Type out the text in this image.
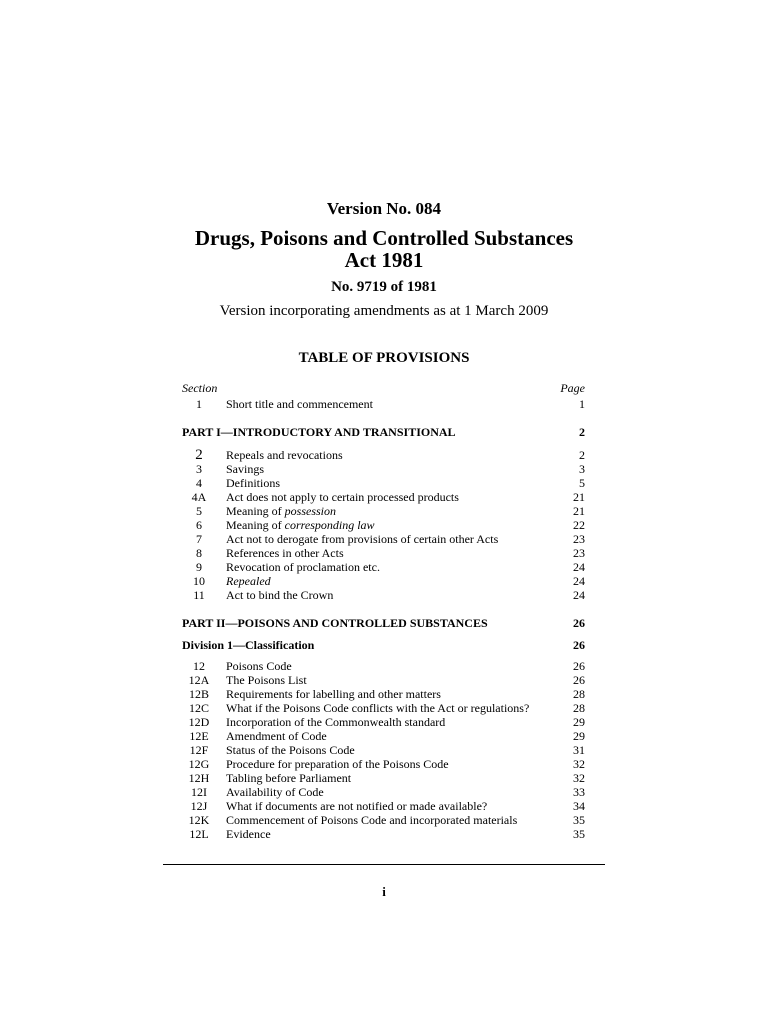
Version No. 084
Drugs, Poisons and Controlled Substances
Act 1981
No. 9719 of 1981
Version incorporating amendments as at 1 March 2009
TABLE OF PROVISIONS
Section	Page
1	Short title and commencement	1
PART I—INTRODUCTORY AND TRANSITIONAL	2
2	Repeals and revocations	2
3	Savings	3
4	Definitions	5
4A	Act does not apply to certain processed products	21
5	Meaning of possession	21
6	Meaning of corresponding law	22
7	Act not to derogate from provisions of certain other Acts	23
8	References in other Acts	23
9	Revocation of proclamation etc.	24
10	Repealed	24
11	Act to bind the Crown	24
PART II—POISONS AND CONTROLLED SUBSTANCES	26
Division 1—Classification	26
12	Poisons Code	26
12A	The Poisons List	26
12B	Requirements for labelling and other matters	28
12C	What if the Poisons Code conflicts with the Act or regulations?	28
12D	Incorporation of the Commonwealth standard	29
12E	Amendment of Code	29
12F	Status of the Poisons Code	31
12G	Procedure for preparation of the Poisons Code	32
12H	Tabling before Parliament	32
12I	Availability of Code	33
12J	What if documents are not notified or made available?	34
12K	Commencement of Poisons Code and incorporated materials	35
12L	Evidence	35
i
